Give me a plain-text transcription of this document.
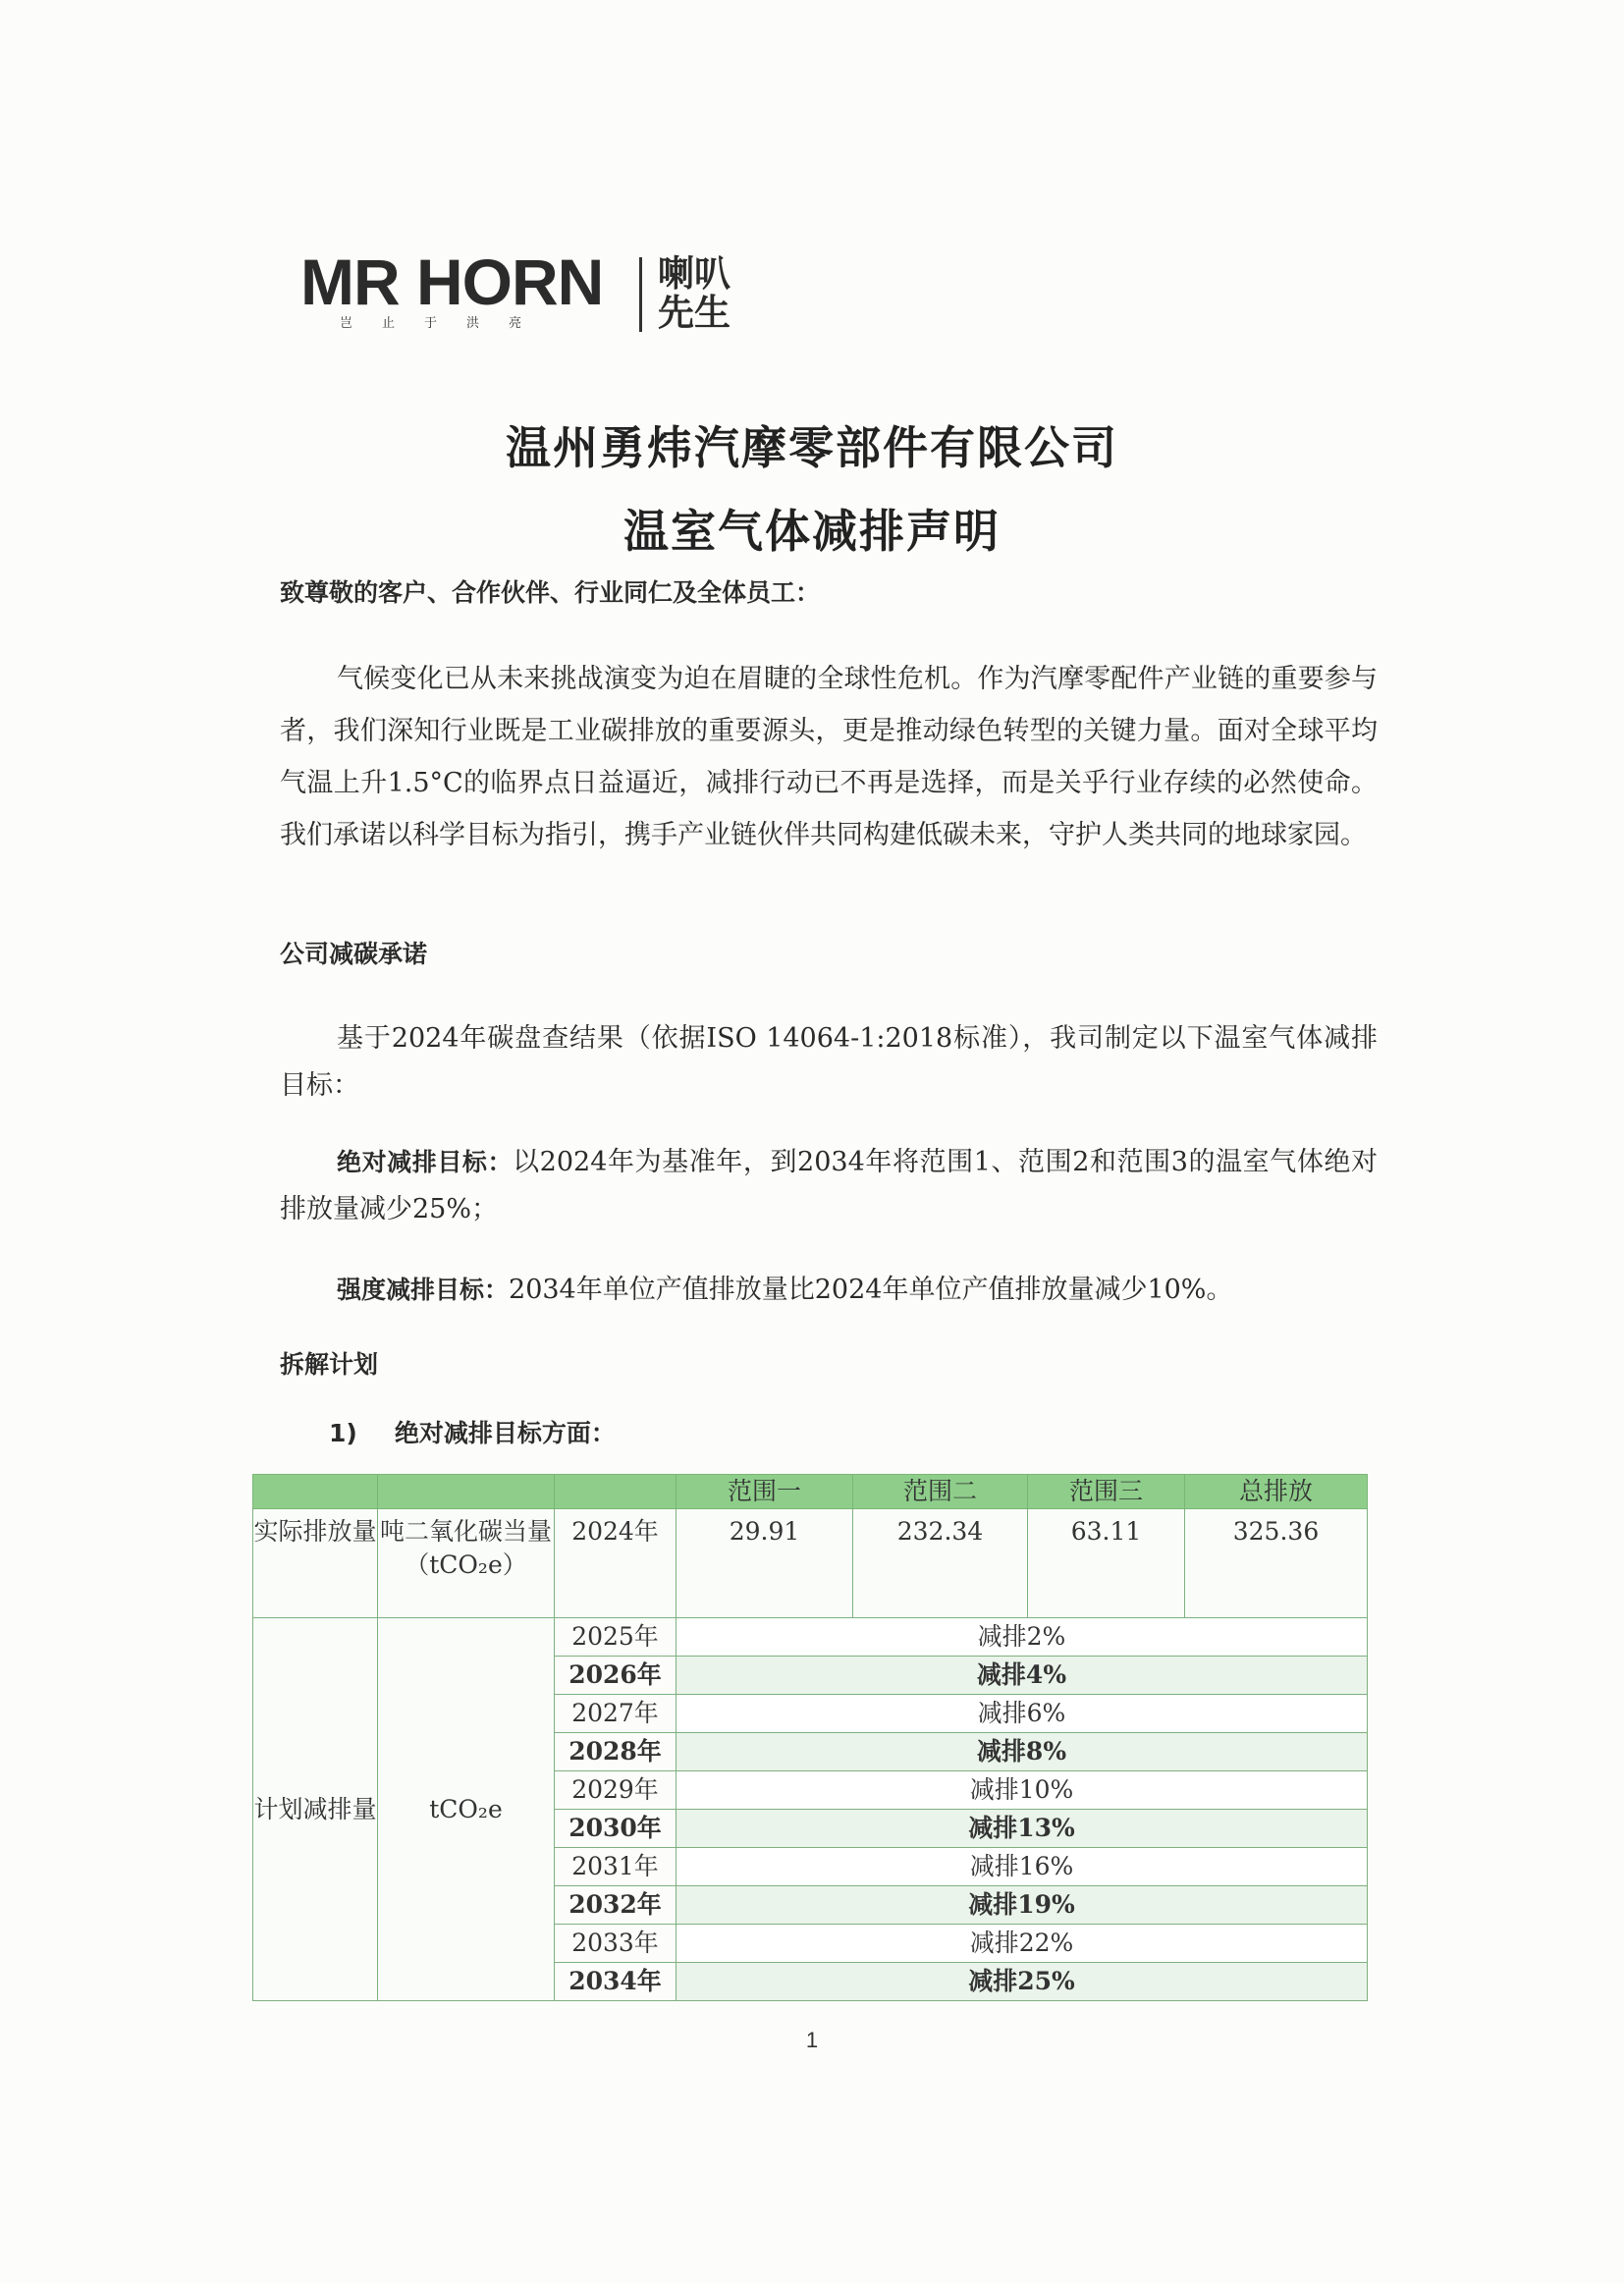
MR HORN
岂止于洪亮
喇叭
先生
温州勇炜汽摩零部件有限公司
温室气体减排声明
致尊敬的客户、合作伙伴、行业同仁及全体员工：
气候变化已从未来挑战演变为迫在眉睫的全球性危机。作为汽摩零配件产业链的重要参与者，我们深知行业既是工业碳排放的重要源头，更是推动绿色转型的关键力量。面对全球平均气温上升1.5°C的临界点日益逼近，减排行动已不再是选择，而是关乎行业存续的必然使命。我们承诺以科学目标为指引，携手产业链伙伴共同构建低碳未来，守护人类共同的地球家园。
公司减碳承诺
基于2024年碳盘查结果（依据ISO 14064-1:2018标准），我司制定以下温室气体减排目标：
绝对减排目标：以2024年为基准年，到2034年将范围1、范围2和范围3的温室气体绝对排放量减少25%；
强度减排目标：2034年单位产值排放量比2024年单位产值排放量减少10%。
拆解计划
1) 绝对减排目标方面：
			范围一	范围二	范围三	总排放
实际排放量	吨二氧化碳当量（tCO₂e）	2024年	29.91	232.34	63.11	325.36
计划减排量	tCO₂e	2025年	减排2%			
		2026年	减排4%			
		2027年	减排6%			
		2028年	减排8%			
		2029年	减排10%			
		2030年	减排13%			
		2031年	减排16%			
		2032年	减排19%			
		2033年	减排22%			
		2034年	减排25%			
1
